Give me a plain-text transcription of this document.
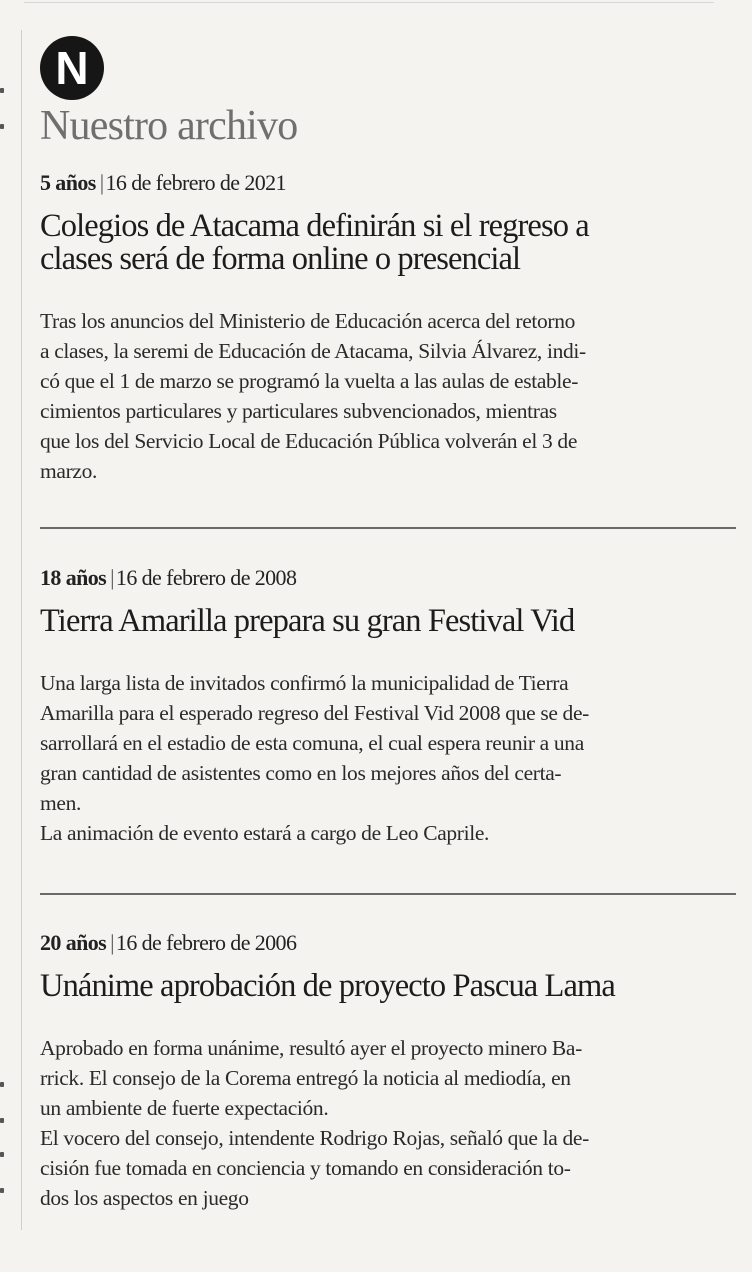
N
Nuestro archivo
5 años |16 de febrero de 2021
Colegios de Atacama definirán si el regreso a
clases será de forma online o presencial

Tras los anuncios del Ministerio de Educación acerca del retorno
a clases, la seremi de Educación de Atacama, Silvia Álvarez, indi-
có que el 1 de marzo se programó la vuelta a las aulas de estable-
cimientos particulares y particulares subvencionados, mientras
que los del Servicio Local de Educación Pública volverán el 3 de
marzo.

18 años |16 de febrero de 2008
Tierra Amarilla prepara su gran Festival Vid

Una larga lista de invitados confirmó la municipalidad de Tierra
Amarilla para el esperado regreso del Festival Vid 2008 que se de-
sarrollará en el estadio de esta comuna, el cual espera reunir a una
gran cantidad de asistentes como en los mejores años del certa-
men.

La animación de evento estará a cargo de Leo Caprile.

20 años |16 de febrero de 2006
Unánime aprobación de proyecto Pascua Lama

Aprobado en forma unánime, resultó ayer el proyecto minero Ba-
rrick. El consejo de la Corema entregó la noticia al mediodía, en
un ambiente de fuerte expectación.

El vocero del consejo, intendente Rodrigo Rojas, señaló que la de-
cisión fue tomada en conciencia y tomando en consideración to-
dos los aspectos en juego
